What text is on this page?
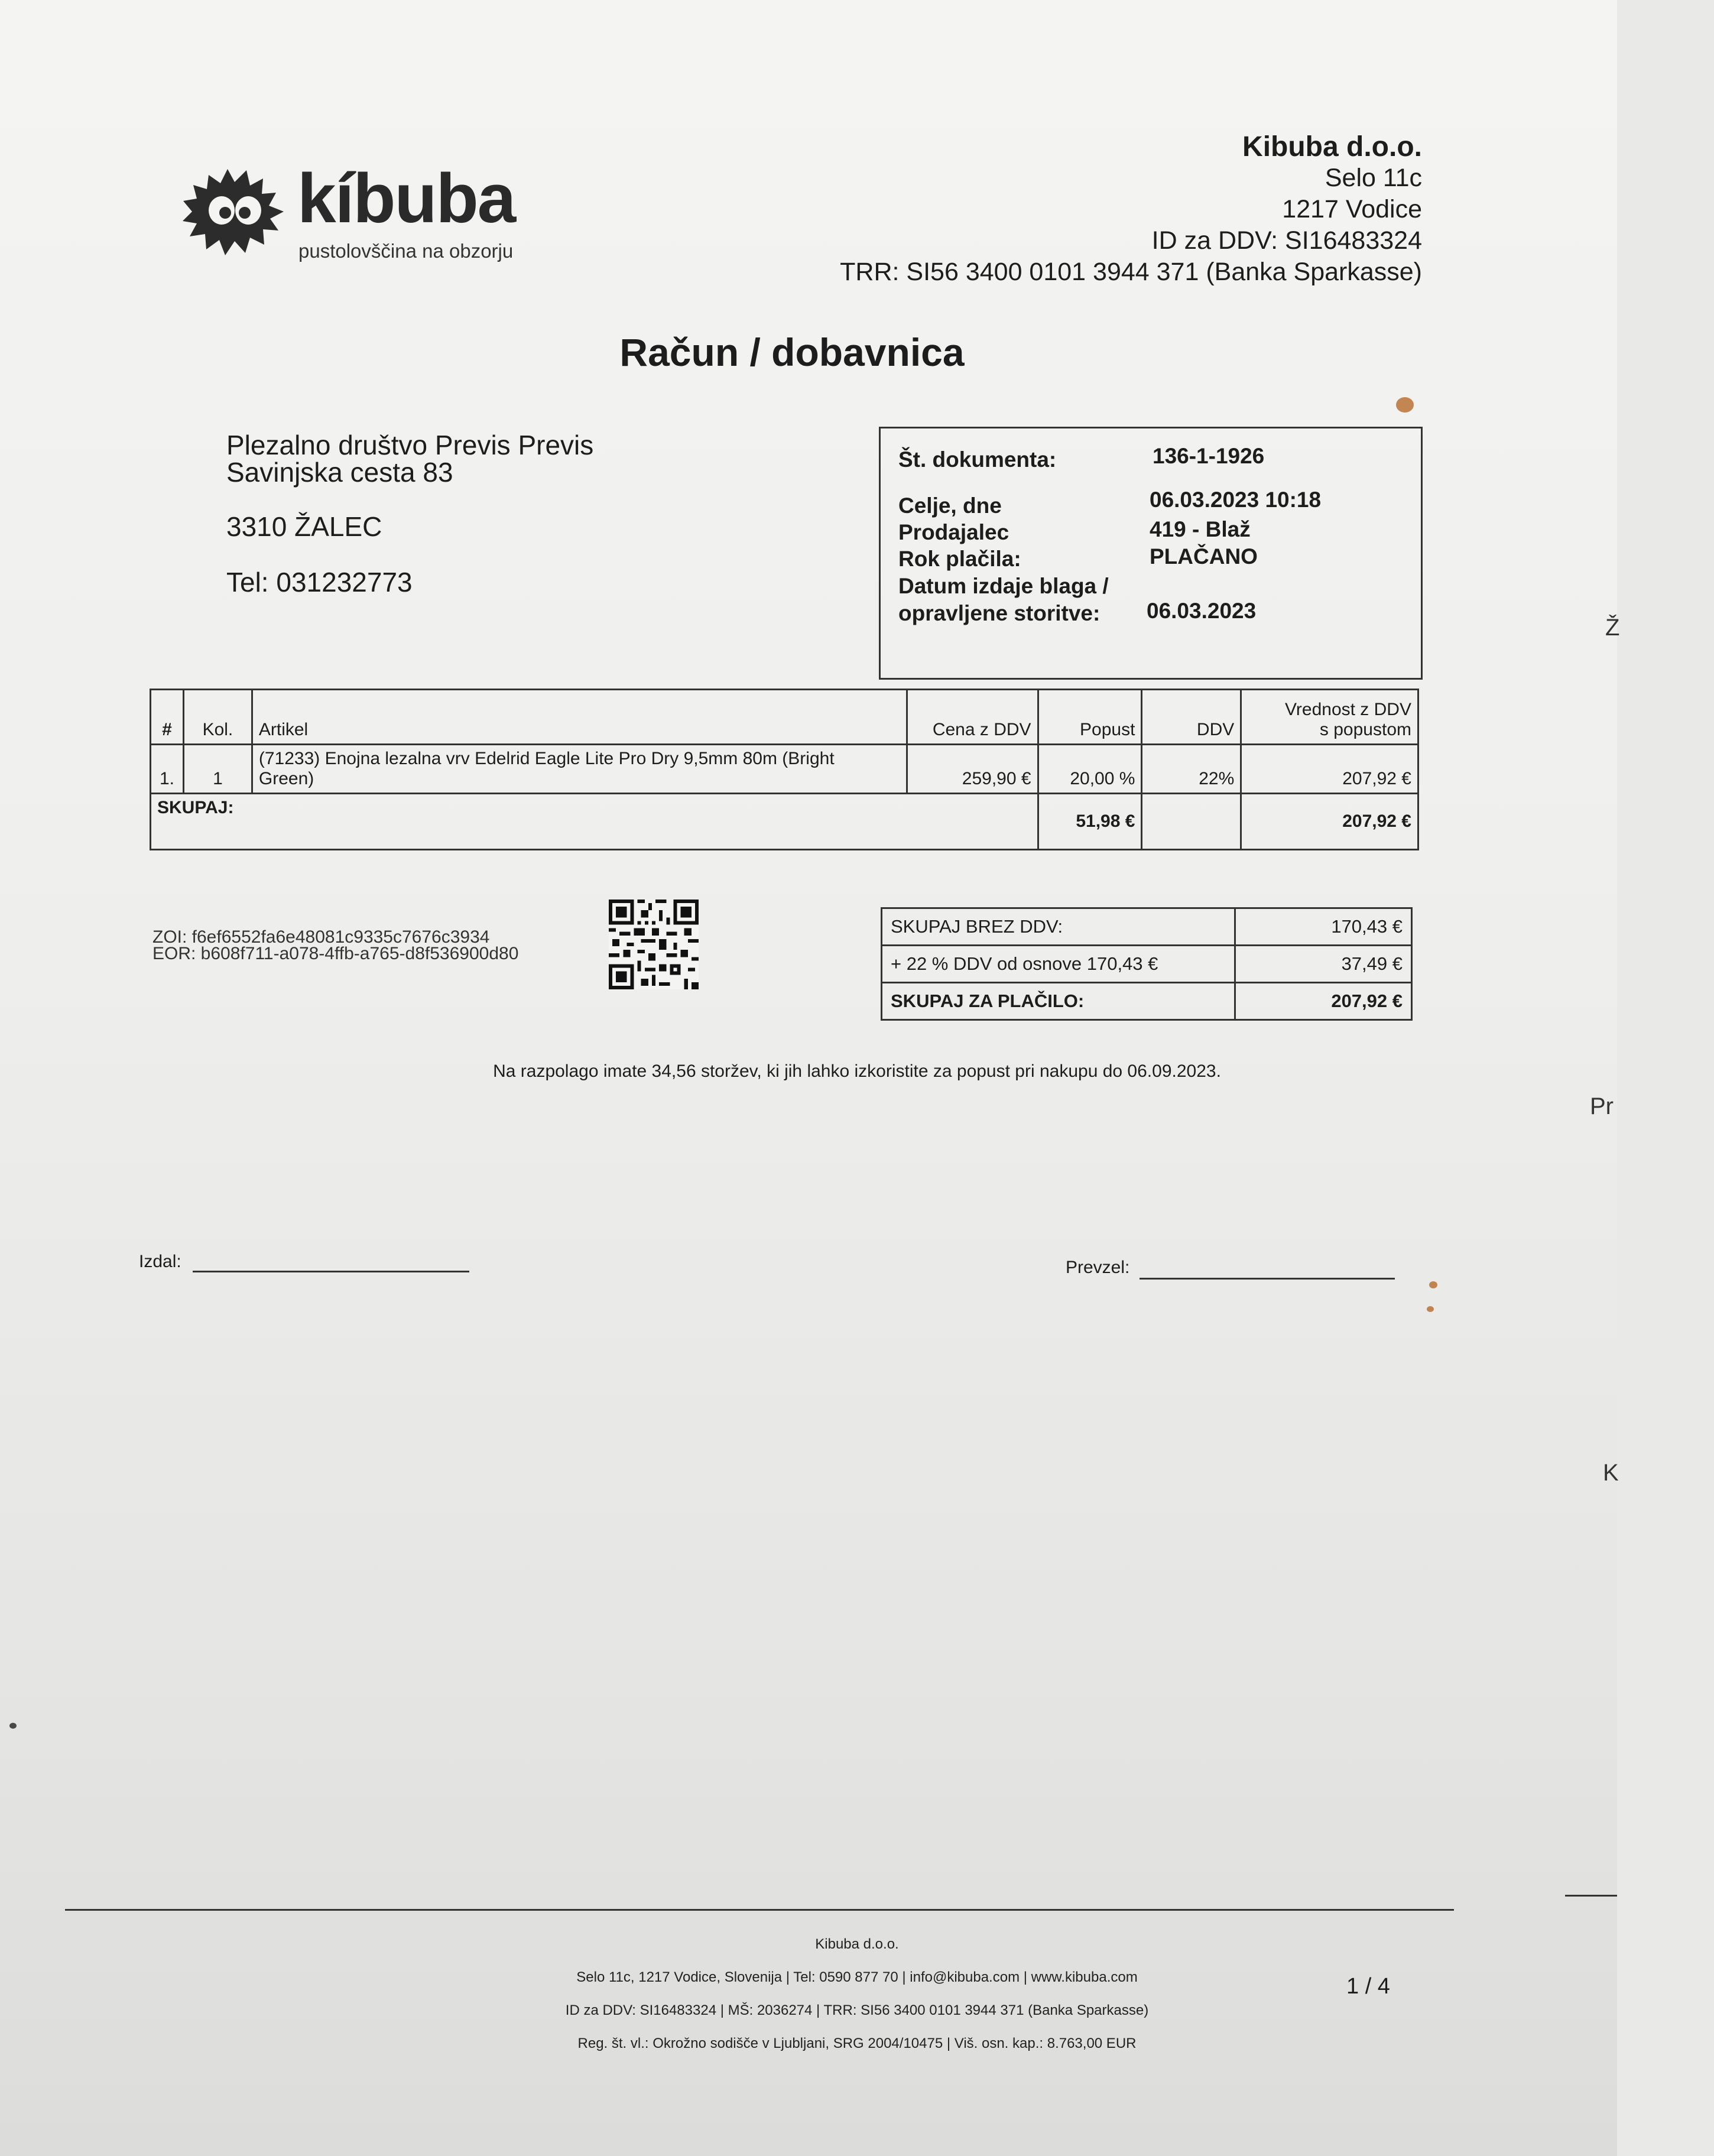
kíbuba
pustolovščina na obzorju
Kibuba d.o.o.
Selo 11c
1217 Vodice
ID za DDV: SI16483324
TRR: SI56 3400 0101 3944 371 (Banka Sparkasse)
Račun / dobavnica
Plezalno društvo Previs Previs
Savinjska cesta 83
3310 ŽALEC
Tel: 031232773
Št. dokumenta:	136-1-1926
Celje, dne	06.03.2023 10:18
Prodajalec	419 - Blaž
Rok plačila:	PLAČANO
Datum izdaje blaga /
opravljene storitve: 06.03.2023
#	Kol.	Artikel	Cena z DDV	Popust	DDV	Vrednost z DDV
s popustom

1.	1	(71233) Enojna lezalna vrv Edelrid Eagle Lite Pro Dry 9,5mm 80m (Bright
Green)	259,90 €	20,00 %	22%	207,92 €
SKUPAJ:				51,98 €		207,92 €
ZOI: f6ef6552fa6e48081c9335c7676c3934
EOR: b608f711-a078-4ffb-a765-d8f536900d80
SKUPAJ BREZ DDV:	170,43 €
+ 22 % DDV od osnove 170,43 €	37,49 €
SKUPAJ ZA PLAČILO:	207,92 €
Na razpolago imate 34,56 storžev, ki jih lahko izkoristite za popust pri nakupu do 06.09.2023.
Izdal:	Prevzel:
Ž
Pr
K
Kibuba d.o.o.
Selo 11c, 1217 Vodice, Slovenija | Tel: 0590 877 70 | info@kibuba.com | www.kibuba.com
ID za DDV: SI16483324 | MŠ: 2036274 | TRR: SI56 3400 0101 3944 371 (Banka Sparkasse)
Reg. št. vl.: Okrožno sodišče v Ljubljani, SRG 2004/10475 | Viš. osn. kap.: 8.763,00 EUR
1 / 4
